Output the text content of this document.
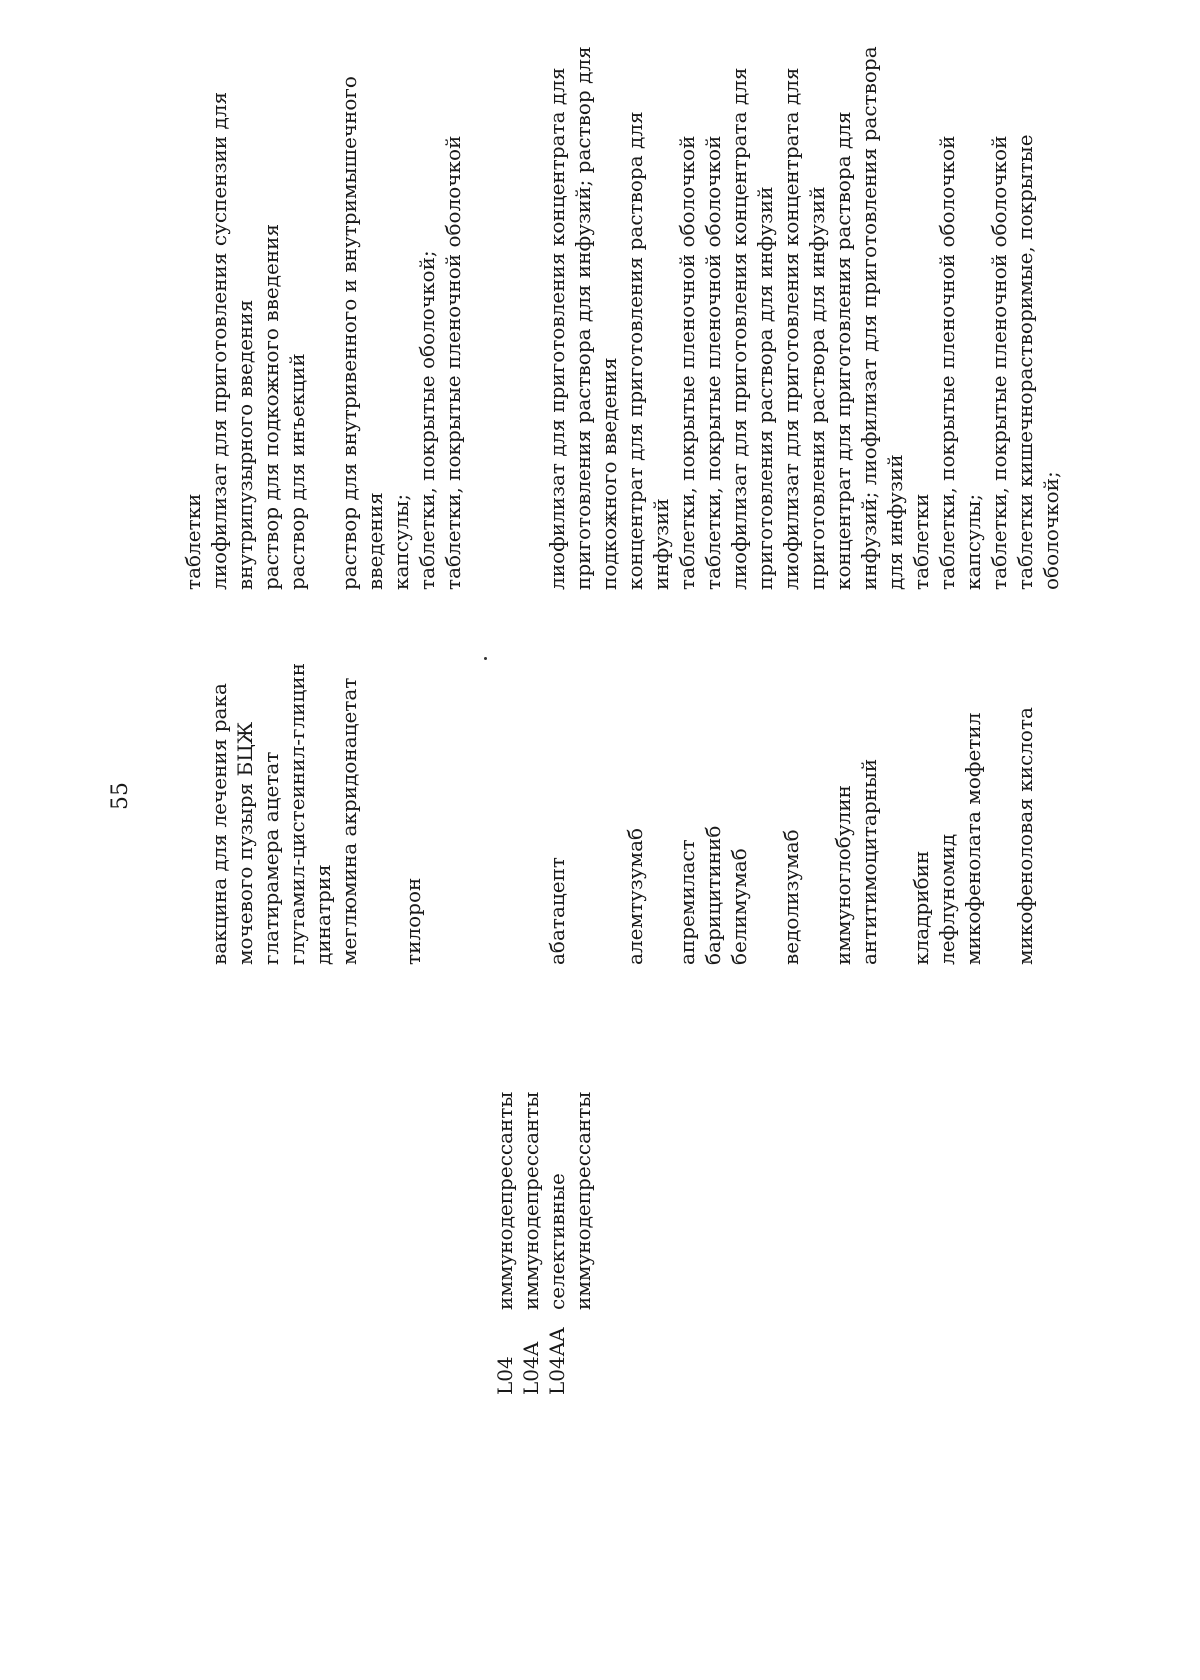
55
таблетки
вакцина для лечения рака мочевого пузыря БЦЖ
лиофилизат для приготовления суспензии для внутрипузырного введения
глатирамера ацетат
раствор для подкожного введения
глутамил-цистеинил-глицин динатрия
раствор для инъекций
меглюмина акридонацетат
раствор для внутривенного и внутримышечного введения
тилорон
капсулы; таблетки, покрытые оболочкой; таблетки, покрытые пленочной оболочкой
L04
иммунодепрессанты
L04A
иммунодепрессанты
L04AA
селективные иммунодепрессанты
абатацепт
лиофилизат для приготовления концентрата для приготовления раствора для инфузий; раствор для подкожного введения
алемтузумаб
концентрат для приготовления раствора для инфузий
апремиласт
таблетки, покрытые пленочной оболочкой
барицитиниб
таблетки, покрытые пленочной оболочкой
белимумаб
лиофилизат для приготовления концентрата для приготовления раствора для инфузий
ведолизумаб
лиофилизат для приготовления концентрата для приготовления раствора для инфузий
иммуноглобулин антитимоцитарный
концентрат для приготовления раствора для инфузий; лиофилизат для приготовления раствора для инфузий
кладрибин
таблетки
лефлуномид
таблетки, покрытые пленочной оболочкой
микофенолата мофетил
капсулы; таблетки, покрытые пленочной оболочкой
микофеноловая кислота
таблетки кишечнорастворимые, покрытые оболочкой;
